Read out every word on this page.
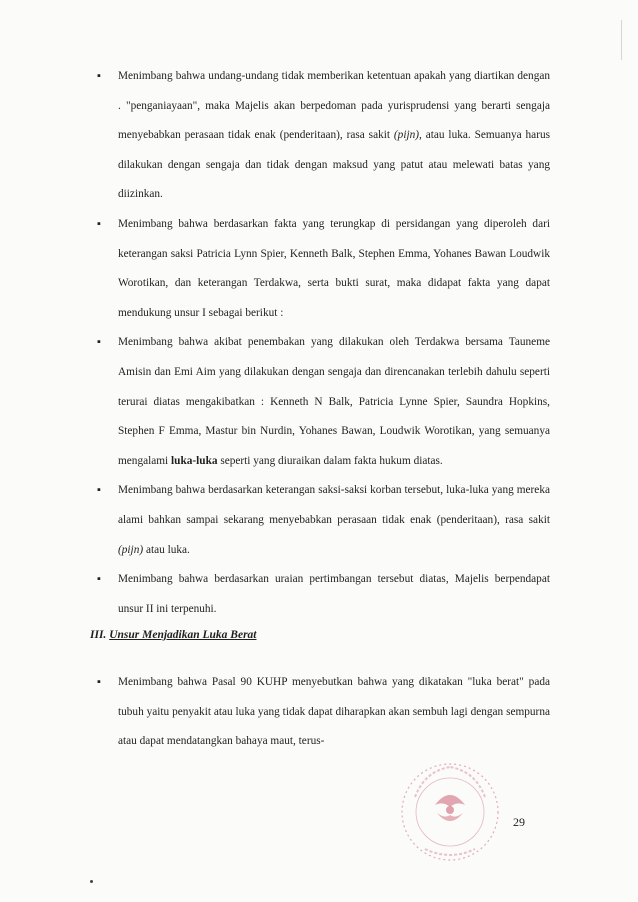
▪ Menimbang bahwa undang-undang tidak memberikan ketentuan apakah yang diartikan dengan . "penganiayaan", maka Majelis akan berpedoman pada yurisprudensi yang berarti sengaja menyebabkan perasaan tidak enak (penderitaan), rasa sakit (pijn), atau luka. Semuanya harus dilakukan dengan sengaja dan tidak dengan maksud yang patut atau melewati batas yang diizinkan.

▪ Menimbang bahwa berdasarkan fakta yang terungkap di persidangan yang diperoleh dari keterangan saksi Patricia Lynn Spier, Kenneth Balk, Stephen Emma, Yohanes Bawan Loudwik Worotikan, dan keterangan Terdakwa, serta bukti surat, maka didapat fakta yang dapat mendukung unsur I sebagai berikut :

▪ Menimbang bahwa akibat penembakan yang dilakukan oleh Terdakwa bersama Tauneme Amisin dan Emi Aim yang dilakukan dengan sengaja dan direncanakan terlebih dahulu seperti terurai diatas mengakibatkan : Kenneth N Balk, Patricia Lynne Spier, Saundra Hopkins, Stephen F Emma, Mastur bin Nurdin, Yohanes Bawan, Loudwik Worotikan, yang semuanya mengalami luka-luka seperti yang diuraikan dalam fakta hukum diatas.

▪ Menimbang bahwa berdasarkan keterangan saksi-saksi korban tersebut, luka-luka yang mereka alami bahkan sampai sekarang menyebabkan perasaan tidak enak (penderitaan), rasa sakit (pijn) atau luka.

▪ Menimbang bahwa berdasarkan uraian pertimbangan tersebut diatas, Majelis berpendapat unsur II ini terpenuhi.

III. Unsur Menjadikan Luka Berat
▪ Menimbang bahwa Pasal 90 KUHP menyebutkan bahwa yang dikatakan "luka berat" pada tubuh yaitu penyakit atau luka yang tidak dapat diharapkan akan sembuh lagi dengan sempurna atau dapat mendatangkan bahaya maut, terus-

29
